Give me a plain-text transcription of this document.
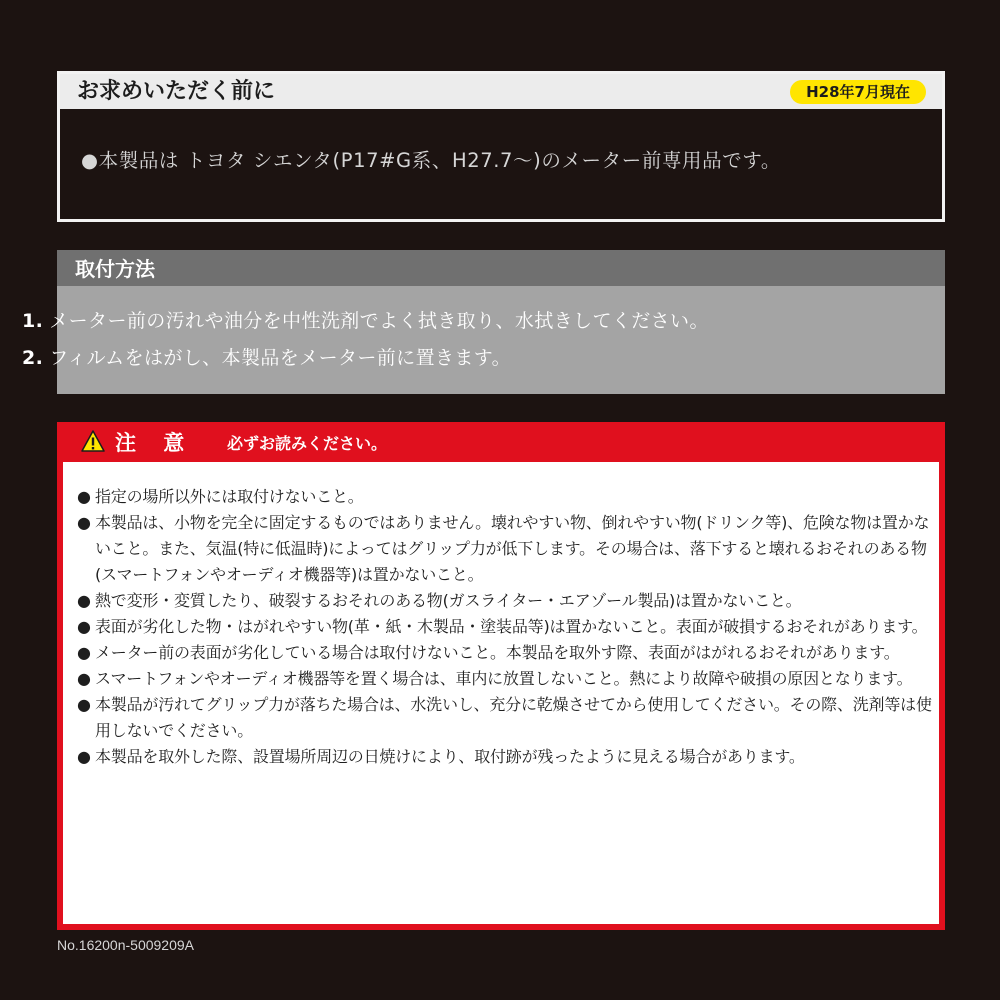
お求めいただく前に	H28年7月現在
●本製品は トヨタ シエンタ(P17#G系、H27.7〜)のメーター前専用品です。
取付方法
1. メーター前の汚れや油分を中性洗剤でよく拭き取り、水拭きしてください。
2. フィルムをはがし、本製品をメーター前に置きます。
注 意 必ずお読みください。
● 指定の場所以外には取付けないこと。
● 本製品は、小物を完全に固定するものではありません。壊れやすい物、倒れやすい物(ドリンク等)、危険な物は置かないこと。また、気温(特に低温時)によってはグリップ力が低下します。その場合は、落下すると壊れるおそれのある物(スマートフォンやオーディオ機器等)は置かないこと。
● 熱で変形・変質したり、破裂するおそれのある物(ガスライター・エアゾール製品)は置かないこと。
● 表面が劣化した物・はがれやすい物(革・紙・木製品・塗装品等)は置かないこと。表面が破損するおそれがあります。
● メーター前の表面が劣化している場合は取付けないこと。本製品を取外す際、表面がはがれるおそれがあります。
● スマートフォンやオーディオ機器等を置く場合は、車内に放置しないこと。熱により故障や破損の原因となります。
● 本製品が汚れてグリップ力が落ちた場合は、水洗いし、充分に乾燥させてから使用してください。その際、洗剤等は使用しないでください。
● 本製品を取外した際、設置場所周辺の日焼けにより、取付跡が残ったように見える場合があります。
No.16200n-5009209A
